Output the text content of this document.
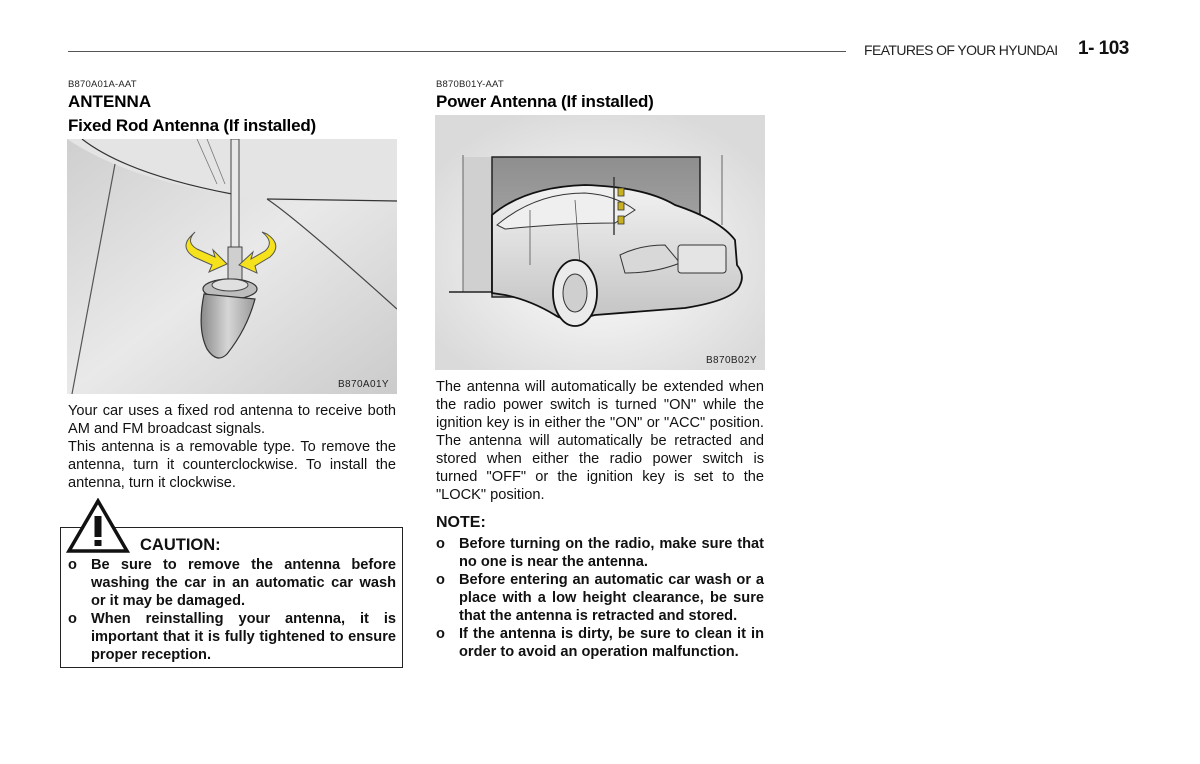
FEATURES OF YOUR HYUNDAI 1- 103
B870A01A-AAT
ANTENNA
Fixed Rod Antenna (If installed)
B870A01Y

Your car uses a fixed rod antenna to receive both AM and FM broadcast signals.

This antenna is a removable type. To remove the antenna, turn it counterclockwise. To install the antenna, turn it clockwise.

CAUTION:
o Be sure to remove the antenna before washing the car in an automatic car wash or it may be damaged.
o When reinstalling your antenna, it is important that it is fully tightened to ensure proper reception.
B870B01Y-AAT
Power Antenna (If installed)
B870B02Y

The antenna will automatically be extended when the radio power switch is turned "ON" while the ignition key is in either the "ON" or "ACC" position. The antenna will automatically be retracted and stored when either the radio power switch is turned "OFF" or the ignition key is set to the "LOCK" position.

NOTE:
o Before turning on the radio, make sure that no one is near the antenna.
o Before entering an automatic car wash or a place with a low height clearance, be sure that the antenna is retracted and stored.
o If the antenna is dirty, be sure to clean it in order to avoid an operation malfunction.
